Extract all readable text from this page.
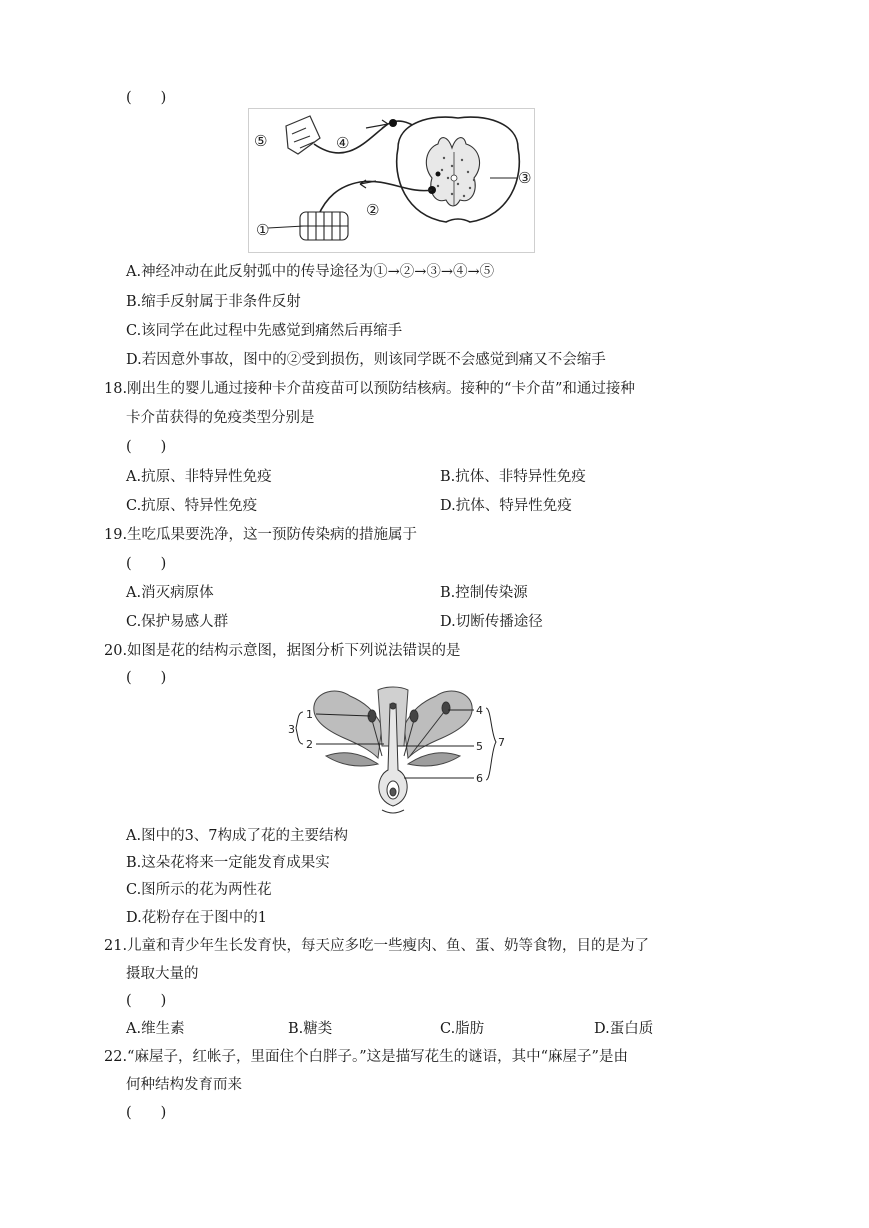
(　　)
⑤	④
③
②
①
A.神经冲动在此反射弧中的传导途径为①→②→③→④→⑤
B.缩手反射属于非条件反射
C.该同学在此过程中先感觉到痛然后再缩手
D.若因意外事故，图中的②受到损伤，则该同学既不会感觉到痛又不会缩手
18.刚出生的婴儿通过接种卡介苗疫苗可以预防结核病。接种的“卡介苗”和通过接种
卡介苗获得的免疫类型分别是
(　　)
A.抗原、非特异性免疫	B.抗体、非特异性免疫
C.抗原、特异性免疫	D.抗体、特异性免疫
19.生吃瓜果要洗净，这一预防传染病的措施属于
(　　)
A.消灭病原体	B.控制传染源
C.保护易感人群	D.切断传播途径
20.如图是花的结构示意图，据图分析下列说法错误的是
(　　)
1
2
3
4
5
6
7
A.图中的3、7构成了花的主要结构
B.这朵花将来一定能发育成果实
C.图所示的花为两性花
D.花粉存在于图中的1
21.儿童和青少年生长发育快，每天应多吃一些瘦肉、鱼、蛋、奶等食物，目的是为了
摄取大量的
(　　)
A.维生素	B.糖类	C.脂肪	D.蛋白质
22.“麻屋子，红帐子，里面住个白胖子。”这是描写花生的谜语，其中“麻屋子”是由
何种结构发育而来
(　　)
